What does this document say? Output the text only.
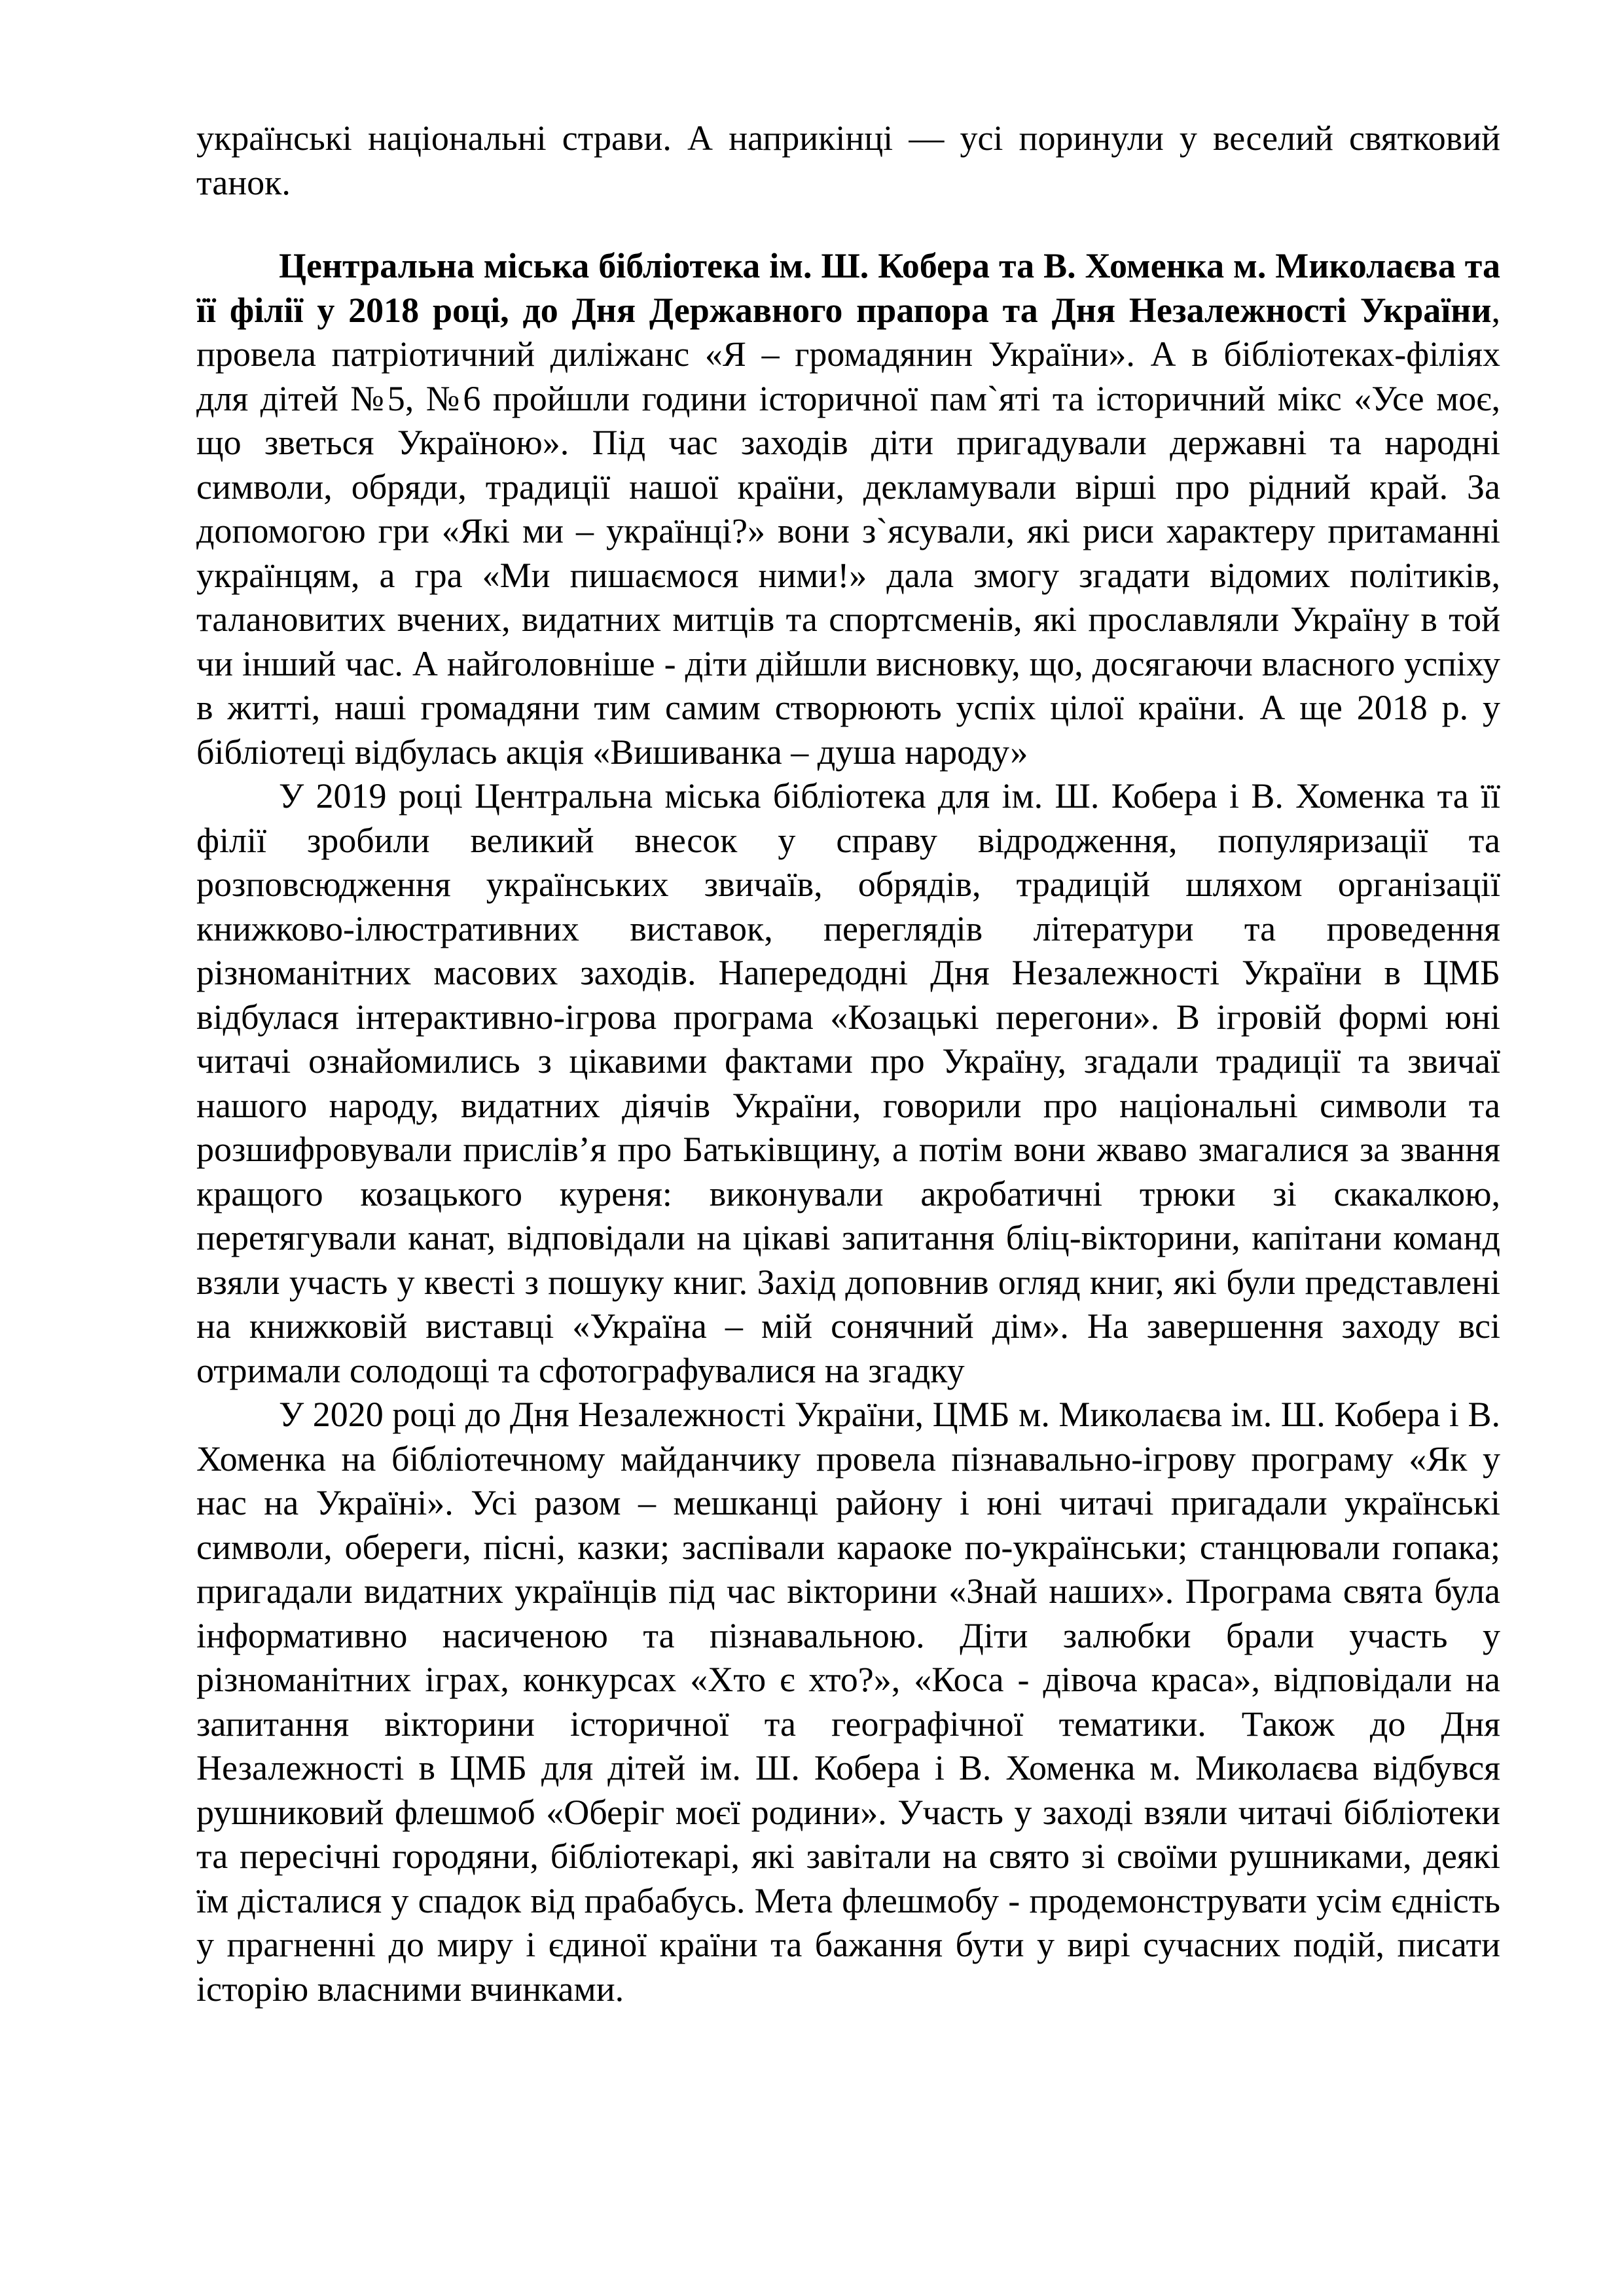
українські національні страви. А наприкінці — усі поринули у веселий святковий танок.

Центральна міська бібліотека ім. Ш. Кобера та В. Хоменка м. Миколаєва та її філії у 2018 році, до Дня Державного прапора та Дня Незалежності України, провела патріотичний диліжанс «Я – громадянин України». А в бібліотеках-філіях для дітей №5, №6 пройшли години історичної пам`яті та історичний мікс «Усе моє, що зветься Україною». Під час заходів діти пригадували державні та народні символи, обряди, традиції нашої країни, декламували вірші про рідний край. За допомогою гри «Які ми – українці?» вони з`ясували, які риси характеру притаманні українцям, а гра «Ми пишаємося ними!» дала змогу згадати відомих політиків, талановитих вчених, видатних митців та спортсменів, які прославляли Україну в той чи інший час. А найголовніше - діти дійшли висновку, що, досягаючи власного успіху в житті, наші громадяни тим самим створюють успіх цілої країни. А ще 2018 р. у бібліотеці відбулась акція «Вишиванка – душа народу»

У 2019 році Центральна міська бібліотека для ім. Ш. Кобера і В. Хоменка та її філії зробили великий внесок у справу відродження, популяризації та розповсюдження українських звичаїв, обрядів, традицій шляхом організації книжково-ілюстративних виставок, переглядів літератури та проведення різноманітних масових заходів. Напередодні Дня Незалежності України в ЦМБ відбулася інтерактивно-ігрова програма «Козацькі перегони». В ігровій формі юні читачі ознайомились з цікавими фактами про Україну, згадали традиції та звичаї нашого народу, видатних діячів України, говорили про національні символи та розшифровували прислів’я про Батьківщину, а потім вони жваво змагалися за звання кращого козацького куреня: виконували акробатичні трюки зі скакалкою, перетягували канат, відповідали на цікаві запитання бліц-вікторини, капітани команд взяли участь у квесті з пошуку книг. Захід доповнив огляд книг, які були представлені на книжковій виставці «Україна – мій сонячний дім». На завершення заходу всі отримали солодощі та сфотографувалися на згадку

У 2020 році до Дня Незалежності України, ЦМБ м. Миколаєва ім. Ш. Кобера і В. Хоменка на бібліотечному майданчику провела пізнавально-ігрову програму «Як у нас на Україні». Усі разом – мешканці району і юні читачі пригадали українські символи, обереги, пісні, казки; заспівали караоке по-українськи; станцювали гопака; пригадали видатних українців під час вікторини «Знай наших». Програма свята була інформативно насиченою та пізнавальною. Діти залюбки брали участь у різноманітних іграх, конкурсах «Хто є хто?», «Коса - дівоча краса», відповідали на запитання вікторини історичної та географічної тематики. Також до Дня Незалежності в ЦМБ для дітей ім. Ш. Кобера і В. Хоменка м. Миколаєва відбувся рушниковий флешмоб «Оберіг моєї родини». Участь у заході взяли читачі бібліотеки та пересічні городяни, бібліотекарі, які завітали на свято зі своїми рушниками, деякі їм дісталися у спадок від прабабусь. Мета флешмобу - продемонструвати усім єдність у прагненні до миру і єдиної країни та бажання бути у вирі сучасних подій, писати історію власними вчинками.
